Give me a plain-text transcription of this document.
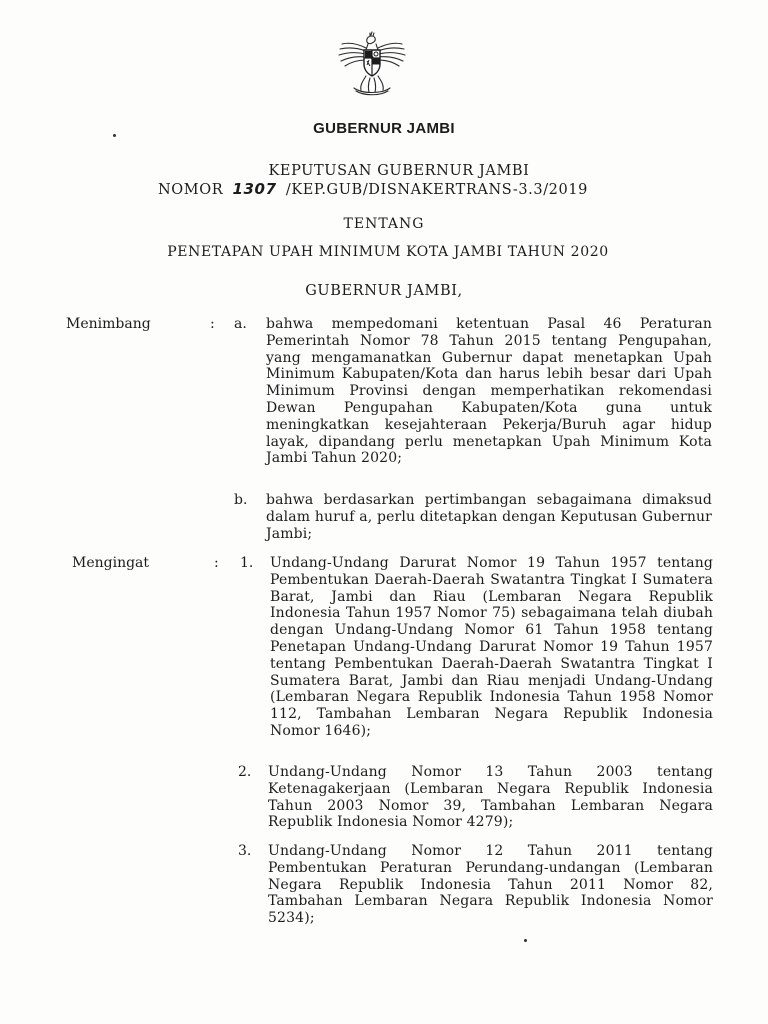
GUBERNUR JAMBI
KEPUTUSAN GUBERNUR JAMBI
NOMOR 1307 /KEP.GUB/DISNAKERTRANS-3.3/2019
TENTANG
PENETAPAN UPAH MINIMUM KOTA JAMBI TAHUN 2020
GUBERNUR JAMBI,
Menimbang	: a. bahwa mempedomani ketentuan Pasal 46 Peraturan Pemerintah Nomor 78 Tahun 2015 tentang Pengupahan, yang mengamanatkan Gubernur dapat menetapkan Upah Minimum Kabupaten/Kota dan harus lebih besar dari Upah Minimum Provinsi dengan memperhatikan rekomendasi Dewan Pengupahan Kabupaten/Kota guna untuk meningkatkan kesejahteraan Pekerja/Buruh agar hidup layak, dipandang perlu menetapkan Upah Minimum Kota Jambi Tahun 2020;
b. bahwa berdasarkan pertimbangan sebagaimana dimaksud dalam huruf a, perlu ditetapkan dengan Keputusan Gubernur Jambi;
Mengingat	: 1. Undang-Undang Darurat Nomor 19 Tahun 1957 tentang Pembentukan Daerah-Daerah Swatantra Tingkat I Sumatera Barat, Jambi dan Riau (Lembaran Negara Republik Indonesia Tahun 1957 Nomor 75) sebagaimana telah diubah dengan Undang-Undang Nomor 61 Tahun 1958 tentang Penetapan Undang-Undang Darurat Nomor 19 Tahun 1957 tentang Pembentukan Daerah-Daerah Swatantra Tingkat I Sumatera Barat, Jambi dan Riau menjadi Undang-Undang (Lembaran Negara Republik Indonesia Tahun 1958 Nomor 112, Tambahan Lembaran Negara Republik Indonesia Nomor 1646);
2. Undang-Undang Nomor 13 Tahun 2003 tentang Ketenagakerjaan (Lembaran Negara Republik Indonesia Tahun 2003 Nomor 39, Tambahan Lembaran Negara Republik Indonesia Nomor 4279);
3. Undang-Undang Nomor 12 Tahun 2011 tentang Pembentukan Peraturan Perundang-undangan (Lembaran Negara Republik Indonesia Tahun 2011 Nomor 82, Tambahan Lembaran Negara Republik Indonesia Nomor 5234);
